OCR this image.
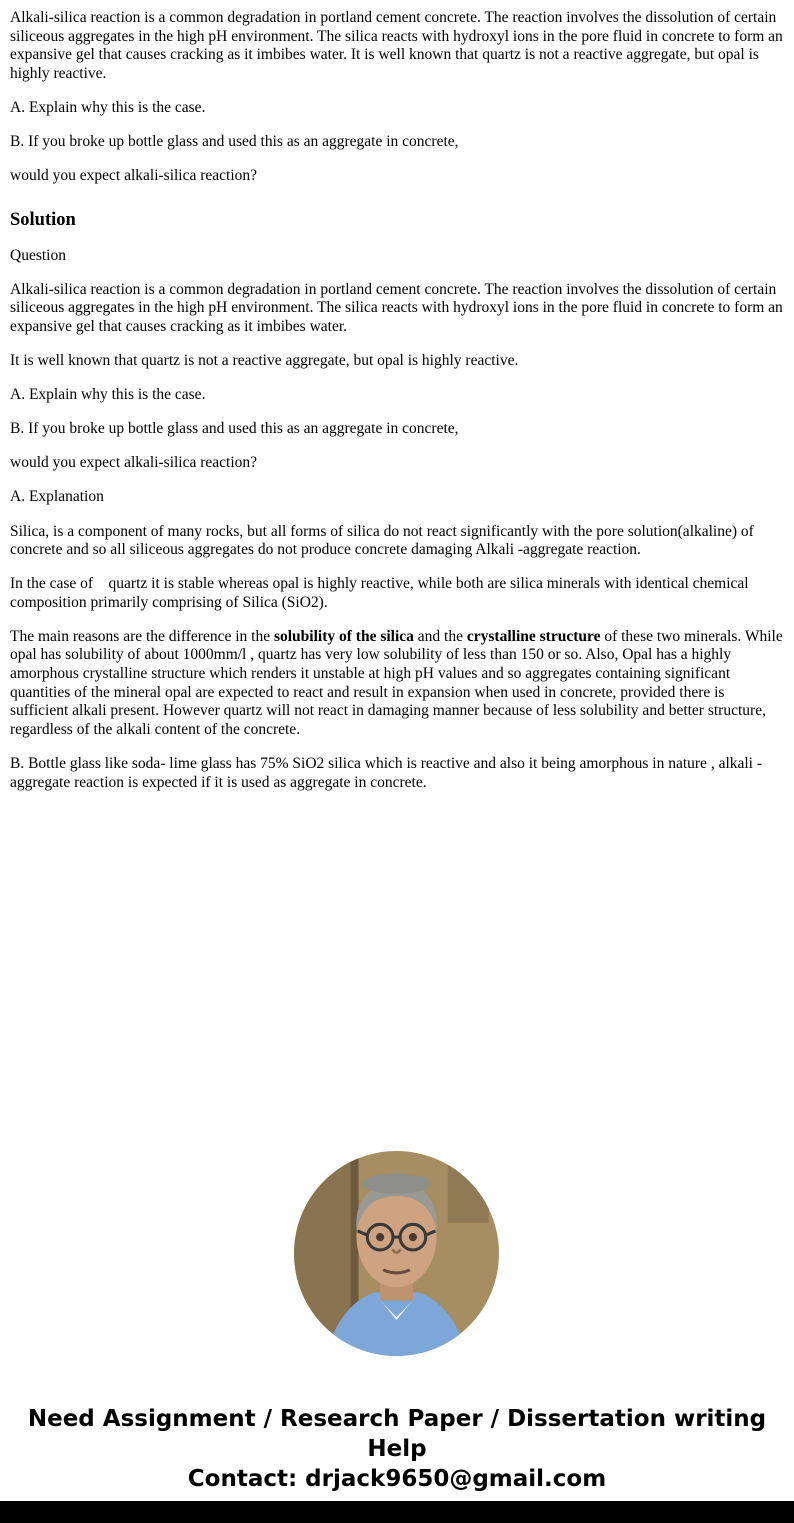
Alkali-silica reaction is a common degradation in portland cement concrete. The reaction involves the dissolution of certain siliceous aggregates in the high pH environment. The silica reacts with hydroxyl ions in the pore fluid in concrete to form an expansive gel that causes cracking as it imbibes water. It is well known that quartz is not a reactive aggregate, but opal is highly reactive.

A. Explain why this is the case.

B. If you broke up bottle glass and used this as an aggregate in concrete,

would you expect alkali-silica reaction?

Solution

Question

Alkali-silica reaction is a common degradation in portland cement concrete. The reaction involves the dissolution of certain siliceous aggregates in the high pH environment. The silica reacts with hydroxyl ions in the pore fluid in concrete to form an expansive gel that causes cracking as it imbibes water.

It is well known that quartz is not a reactive aggregate, but opal is highly reactive.

A. Explain why this is the case.

B. If you broke up bottle glass and used this as an aggregate in concrete,

would you expect alkali-silica reaction?

A. Explanation

Silica, is a component of many rocks, but all forms of silica do not react significantly with the pore solution(alkaline) of concrete and so all siliceous aggregates do not produce concrete damaging Alkali -aggregate reaction.

In the case of    quartz it is stable whereas opal is highly reactive, while both are silica minerals with identical chemical composition primarily comprising of Silica (SiO2).

The main reasons are the difference in the solubility of the silica and the crystalline structure of these two minerals. While opal has solubility of about 1000mm/l , quartz has very low solubility of less than 150 or so. Also, Opal has a highly amorphous crystalline structure which renders it unstable at high pH values and so aggregates containing significant quantities of the mineral opal are expected to react and result in expansion when used in concrete, provided there is sufficient alkali present. However quartz will not react in damaging manner because of less solubility and better structure, regardless of the alkali content of the concrete.

B. Bottle glass like soda- lime glass has 75% SiO2 silica which is reactive and also it being amorphous in nature , alkali - aggregate reaction is expected if it is used as aggregate in concrete.

Need Assignment / Research Paper / Dissertation writing Help
Contact: drjack9650@gmail.com
